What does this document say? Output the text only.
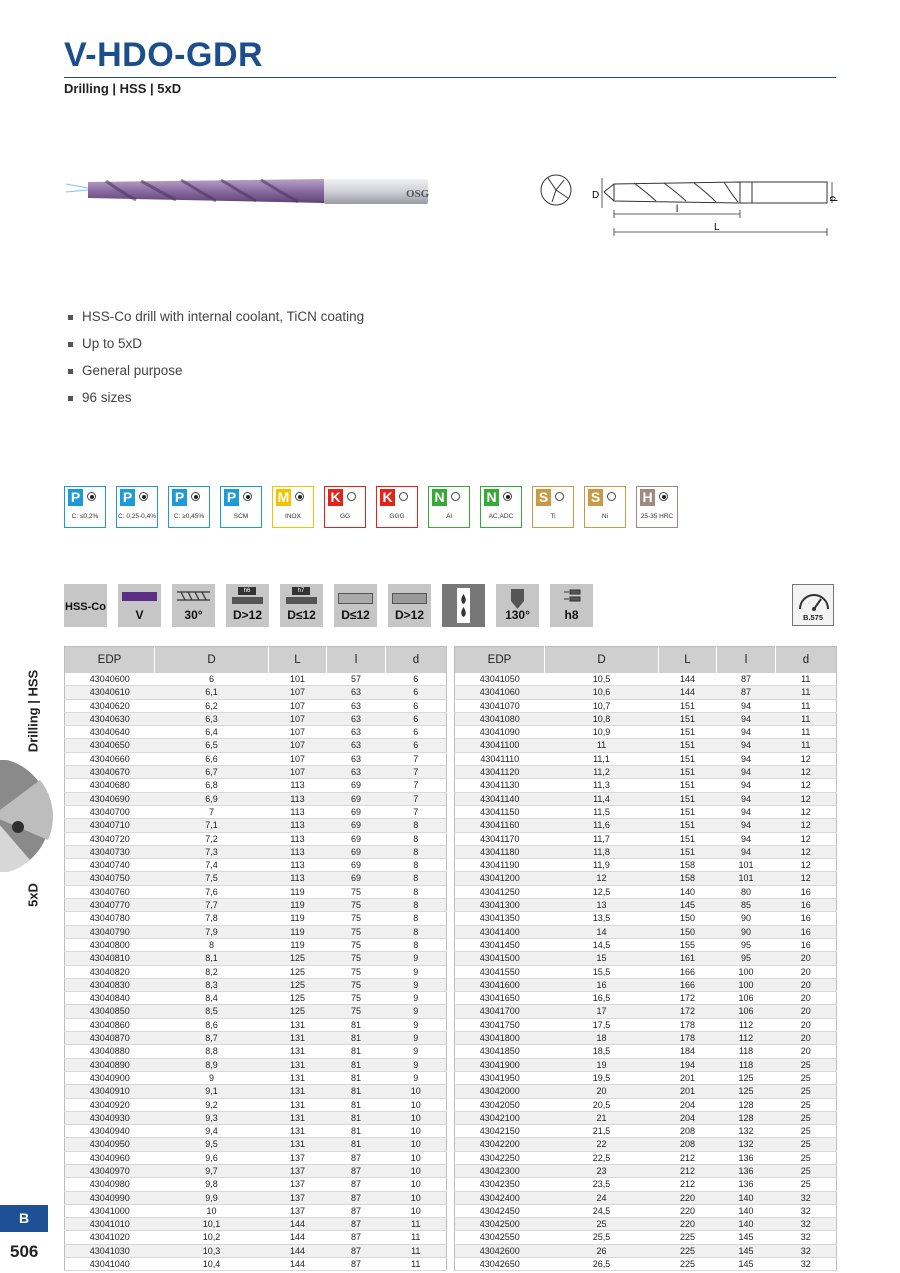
V-HDO-GDR
Drilling | HSS | 5xD
OSG	D	d
l
L
HSS-Co drill with internal coolant, TiCN coating
Up to 5xD
General purpose
96 sizes
P
C: ≤0,2%
P
C: 0,25-0,4%
P
C: ≥0,45%
P
SCM
M
INOX
K
GG
K
GGG
N
Al
N
AC,ADC
S
Ti
S
Ni
H
25-35 HRC
HSS-Co
V	30°
h6
D>12
h7
D≤12	D≤12	D>12	130°	h8	B.575
EDP	D	L	l	d
43040600	6	101	57	6
43040610	6,1	107	63	6
43040620	6,2	107	63	6
43040630	6,3	107	63	6
43040640	6,4	107	63	6
43040650	6,5	107	63	6
43040660	6,6	107	63	7
43040670	6,7	107	63	7
43040680	6,8	113	69	7
43040690	6,9	113	69	7
43040700	7	113	69	7
43040710	7,1	113	69	8
43040720	7,2	113	69	8
43040730	7,3	113	69	8
43040740	7,4	113	69	8
43040750	7,5	113	69	8
43040760	7,6	119	75	8
43040770	7,7	119	75	8
43040780	7,8	119	75	8
43040790	7,9	119	75	8
43040800	8	119	75	8
43040810	8,1	125	75	9
43040820	8,2	125	75	9
43040830	8,3	125	75	9
43040840	8,4	125	75	9
43040850	8,5	125	75	9
43040860	8,6	131	81	9
43040870	8,7	131	81	9
43040880	8,8	131	81	9
43040890	8,9	131	81	9
43040900	9	131	81	9
43040910	9,1	131	81	10
43040920	9,2	131	81	10
43040930	9,3	131	81	10
43040940	9,4	131	81	10
43040950	9,5	131	81	10
43040960	9,6	137	87	10
43040970	9,7	137	87	10
43040980	9,8	137	87	10
43040990	9,9	137	87	10
43041000	10	137	87	10
43041010	10,1	144	87	11
43041020	10,2	144	87	11
43041030	10,3	144	87	11
43041040	10,4	144	87	11
EDP	D	L	l	d
43041050	10,5	144	87	11
43041060	10,6	144	87	11
43041070	10,7	151	94	11
43041080	10,8	151	94	11
43041090	10,9	151	94	11
43041100	11	151	94	11
43041110	11,1	151	94	12
43041120	11,2	151	94	12
43041130	11,3	151	94	12
43041140	11,4	151	94	12
43041150	11,5	151	94	12
43041160	11,6	151	94	12
43041170	11,7	151	94	12
43041180	11,8	151	94	12
43041190	11,9	158	101	12
43041200	12	158	101	12
43041250	12,5	140	80	16
43041300	13	145	85	16
43041350	13,5	150	90	16
43041400	14	150	90	16
43041450	14,5	155	95	16
43041500	15	161	95	20
43041550	15,5	166	100	20
43041600	16	166	100	20
43041650	16,5	172	106	20
43041700	17	172	106	20
43041750	17,5	178	112	20
43041800	18	178	112	20
43041850	18,5	184	118	20
43041900	19	194	118	25
43041950	19,5	201	125	25
43042000	20	201	125	25
43042050	20,5	204	128	25
43042100	21	204	128	25
43042150	21,5	208	132	25
43042200	22	208	132	25
43042250	22,5	212	136	25
43042300	23	212	136	25
43042350	23,5	212	136	25
43042400	24	220	140	32
43042450	24,5	220	140	32
43042500	25	220	140	32
43042550	25,5	225	145	32
43042600	26	225	145	32
43042650	26,5	225	145	32
Drilling | HSS
5xD
B
506
